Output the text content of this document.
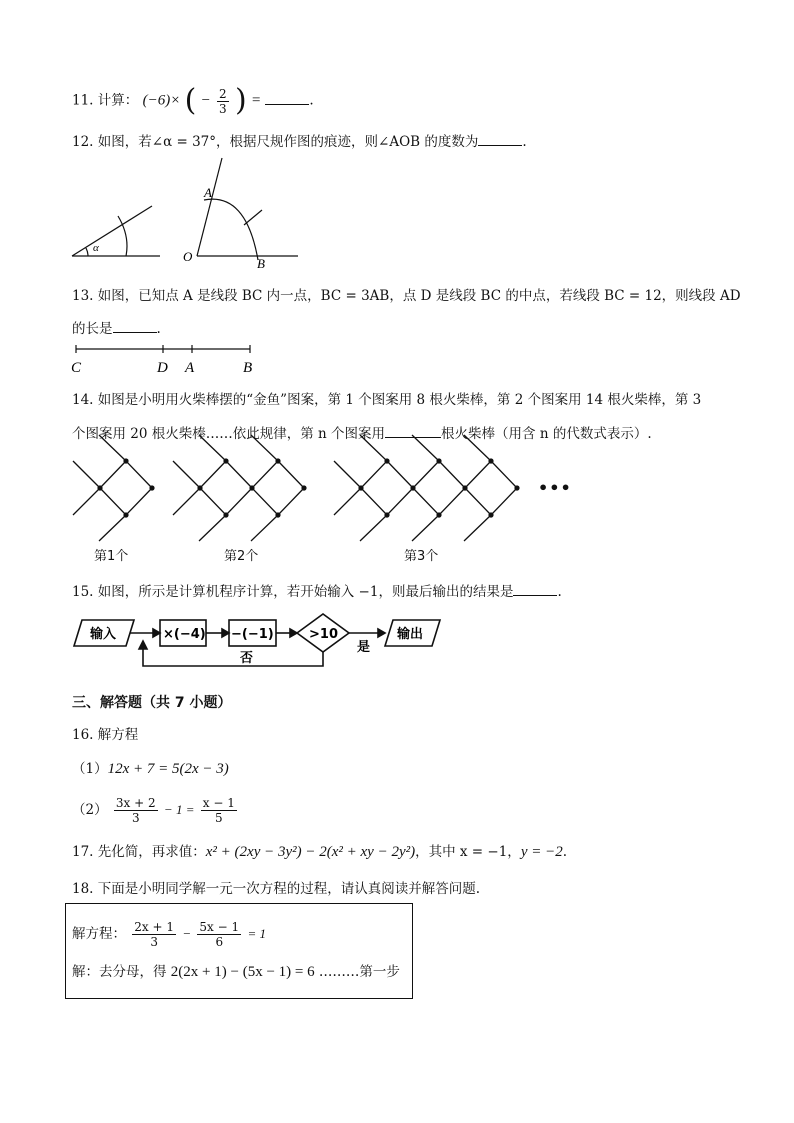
11. 计算： (−6)× ( − $\frac{2}{3}$ ) =	.
12. 如图，若∠α = 37°，根据尺规作图的痕迹，则∠AOB 的度数为	.
α
A
O	B
13. 如图，已知点 A 是线段 BC 内一点，BC = 3AB，点 D 是线段 BC 的中点，若线段 BC = 12，则线段 AD
的长是	.
C	D A	B
14. 如图是小明用火柴棒摆的“金鱼”图案，第 1 个图案用 8 根火柴棒，第 2 个图案用 14 根火柴棒，第 3
个图案用 20 根火柴棒……依此规律，第 n 个图案用	根火柴棒（用含 n 的代数式表示）.
第1个	第2个	第3个
•••
15. 如图，所示是计算机程序计算，若开始输入 −1，则最后输出的结果是	.
输入	×(−4) −(−1)	>10
是
否
输出
三、解答题（共 7 小题）
16. 解方程
（1）12x + 7 = 5(2x − 3)
$(2) \frac{3x + 2}{3} - 1 = \frac{x - 1}{5}$
17. 先化简，再求值：x² + (2xy − 3y²) − 2(x² + xy − 2y²)，其中 x = −1，y = −2.
18. 下面是小明同学解一元一次方程的过程，请认真阅读并解答问题.
解方程： $\frac{2x + 1}{3} - \frac{5x - 1}{6} = 1$
解：去分母，得 2(2x + 1) − (5x − 1) = 6 ………第一步
